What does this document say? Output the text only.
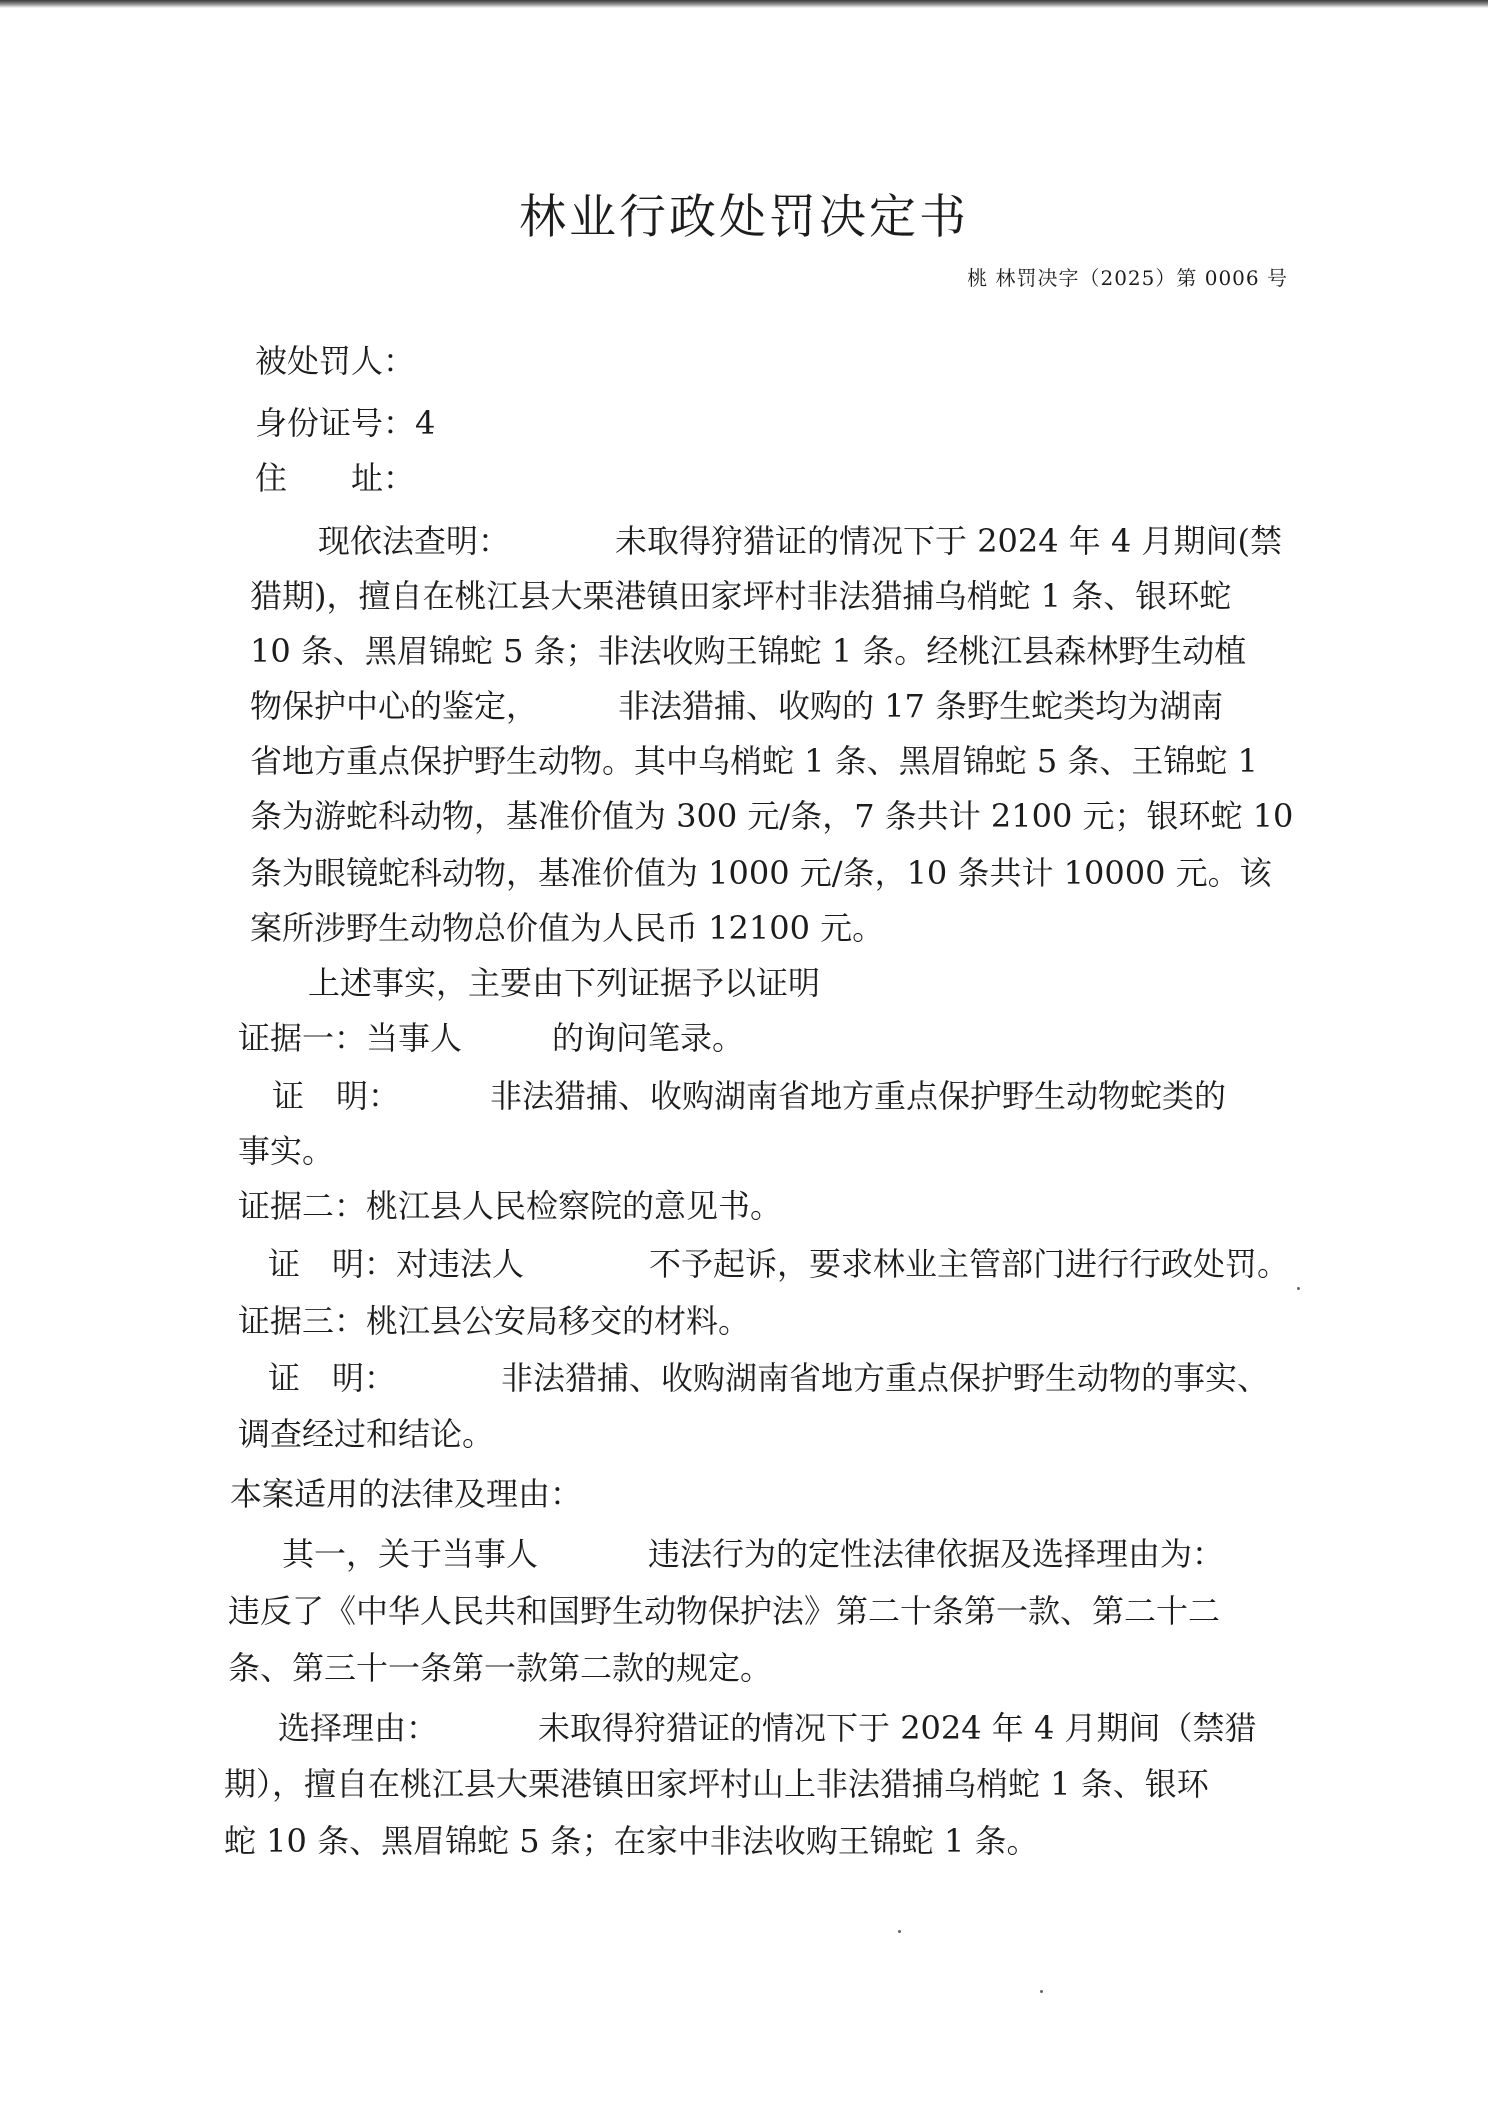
林业行政处罚决定书
桃 林罚决字（2025）第 0006 号
被处罚人：
身份证号：4
住　　址：
现依法查明：	未取得狩猎证的情况下于 2024 年 4 月期间(禁
猎期)，擅自在桃江县大栗港镇田家坪村非法猎捕乌梢蛇 1 条、银环蛇
10 条、黑眉锦蛇 5 条；非法收购王锦蛇 1 条。经桃江县森林野生动植
物保护中心的鉴定，	非法猎捕、收购的 17 条野生蛇类均为湖南
省地方重点保护野生动物。其中乌梢蛇 1 条、黑眉锦蛇 5 条、王锦蛇 1
条为游蛇科动物，基准价值为 300 元/条，7 条共计 2100 元；银环蛇 10
条为眼镜蛇科动物，基准价值为 1000 元/条，10 条共计 10000 元。该
案所涉野生动物总价值为人民币 12100 元。
上述事实，主要由下列证据予以证明
证据一：当事人	的询问笔录。
证　明：	非法猎捕、收购湖南省地方重点保护野生动物蛇类的
事实。
证据二：桃江县人民检察院的意见书。
证　明：对违法人	不予起诉，要求林业主管部门进行行政处罚。
证据三：桃江县公安局移交的材料。
证　明：	非法猎捕、收购湖南省地方重点保护野生动物的事实、
调查经过和结论。
本案适用的法律及理由：
其一，关于当事人	违法行为的定性法律依据及选择理由为：
违反了《中华人民共和国野生动物保护法》第二十条第一款、第二十二
条、第三十一条第一款第二款的规定。
选择理由：	未取得狩猎证的情况下于 2024 年 4 月期间（禁猎
期），擅自在桃江县大栗港镇田家坪村山上非法猎捕乌梢蛇 1 条、银环
蛇 10 条、黑眉锦蛇 5 条；在家中非法收购王锦蛇 1 条。
